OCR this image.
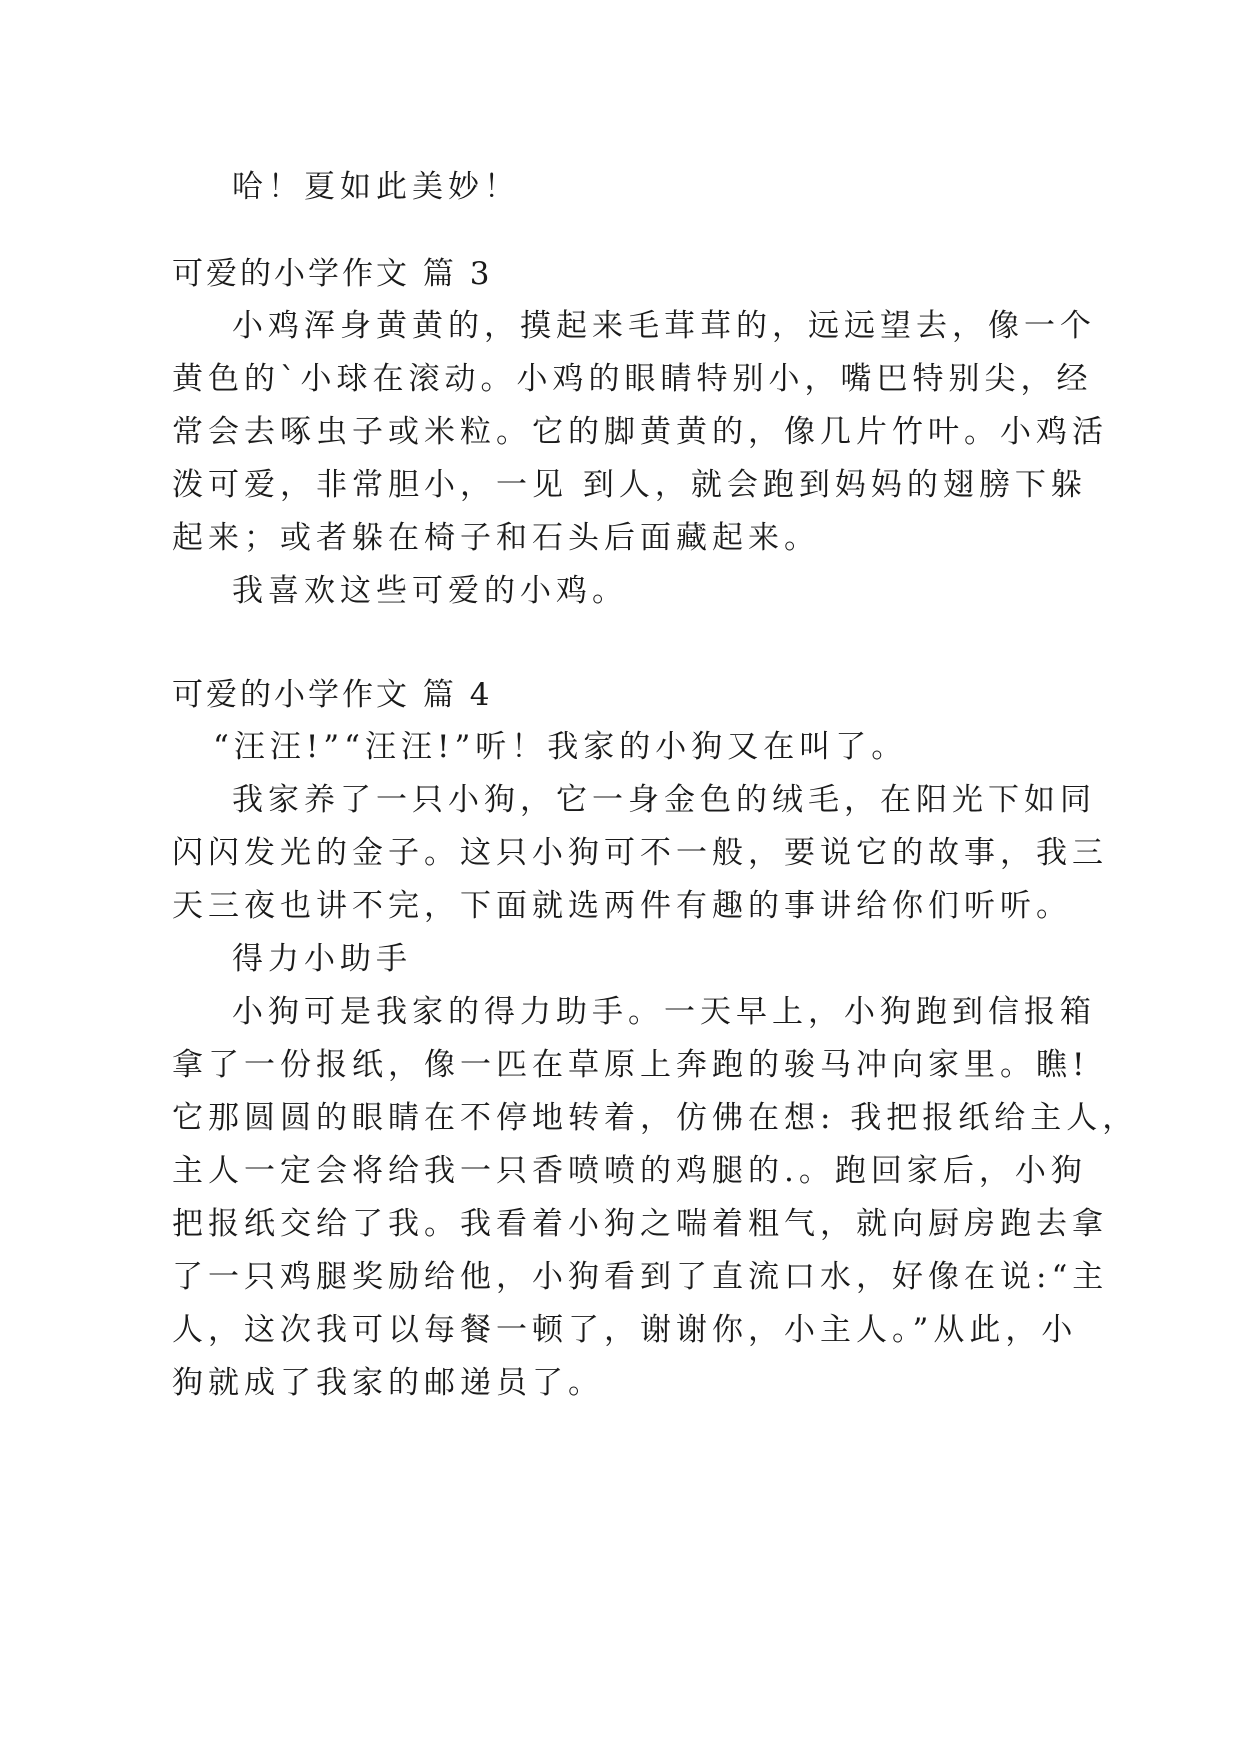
哈！夏如此美妙！
可爱的小学作文 篇 3
小鸡浑身黄黄的，摸起来毛茸茸的，远远望去，像一个
黄色的`小球在滚动。小鸡的眼睛特别小，嘴巴特别尖，经
常会去啄虫子或米粒。它的脚黄黄的，像几片竹叶。小鸡活
泼可爱，非常胆小，一见 到人，就会跑到妈妈的翅膀下躲
起来；或者躲在椅子和石头后面藏起来。
我喜欢这些可爱的小鸡。
可爱的小学作文 篇 4
“汪汪!”“汪汪!”听！我家的小狗又在叫了。
我家养了一只小狗，它一身金色的绒毛，在阳光下如同
闪闪发光的金子。这只小狗可不一般，要说它的故事，我三
天三夜也讲不完，下面就选两件有趣的事讲给你们听听。
得力小助手
小狗可是我家的得力助手。一天早上，小狗跑到信报箱
拿了一份报纸，像一匹在草原上奔跑的骏马冲向家里。瞧!
它那圆圆的眼睛在不停地转着，仿佛在想: 我把报纸给主人，
主人一定会将给我一只香喷喷的鸡腿的.。跑回家后，小狗
把报纸交给了我。我看着小狗之喘着粗气，就向厨房跑去拿
了一只鸡腿奖励给他，小狗看到了直流口水，好像在说:“主
人，这次我可以每餐一顿了，谢谢你，小主人。”从此，小
狗就成了我家的邮递员了。
